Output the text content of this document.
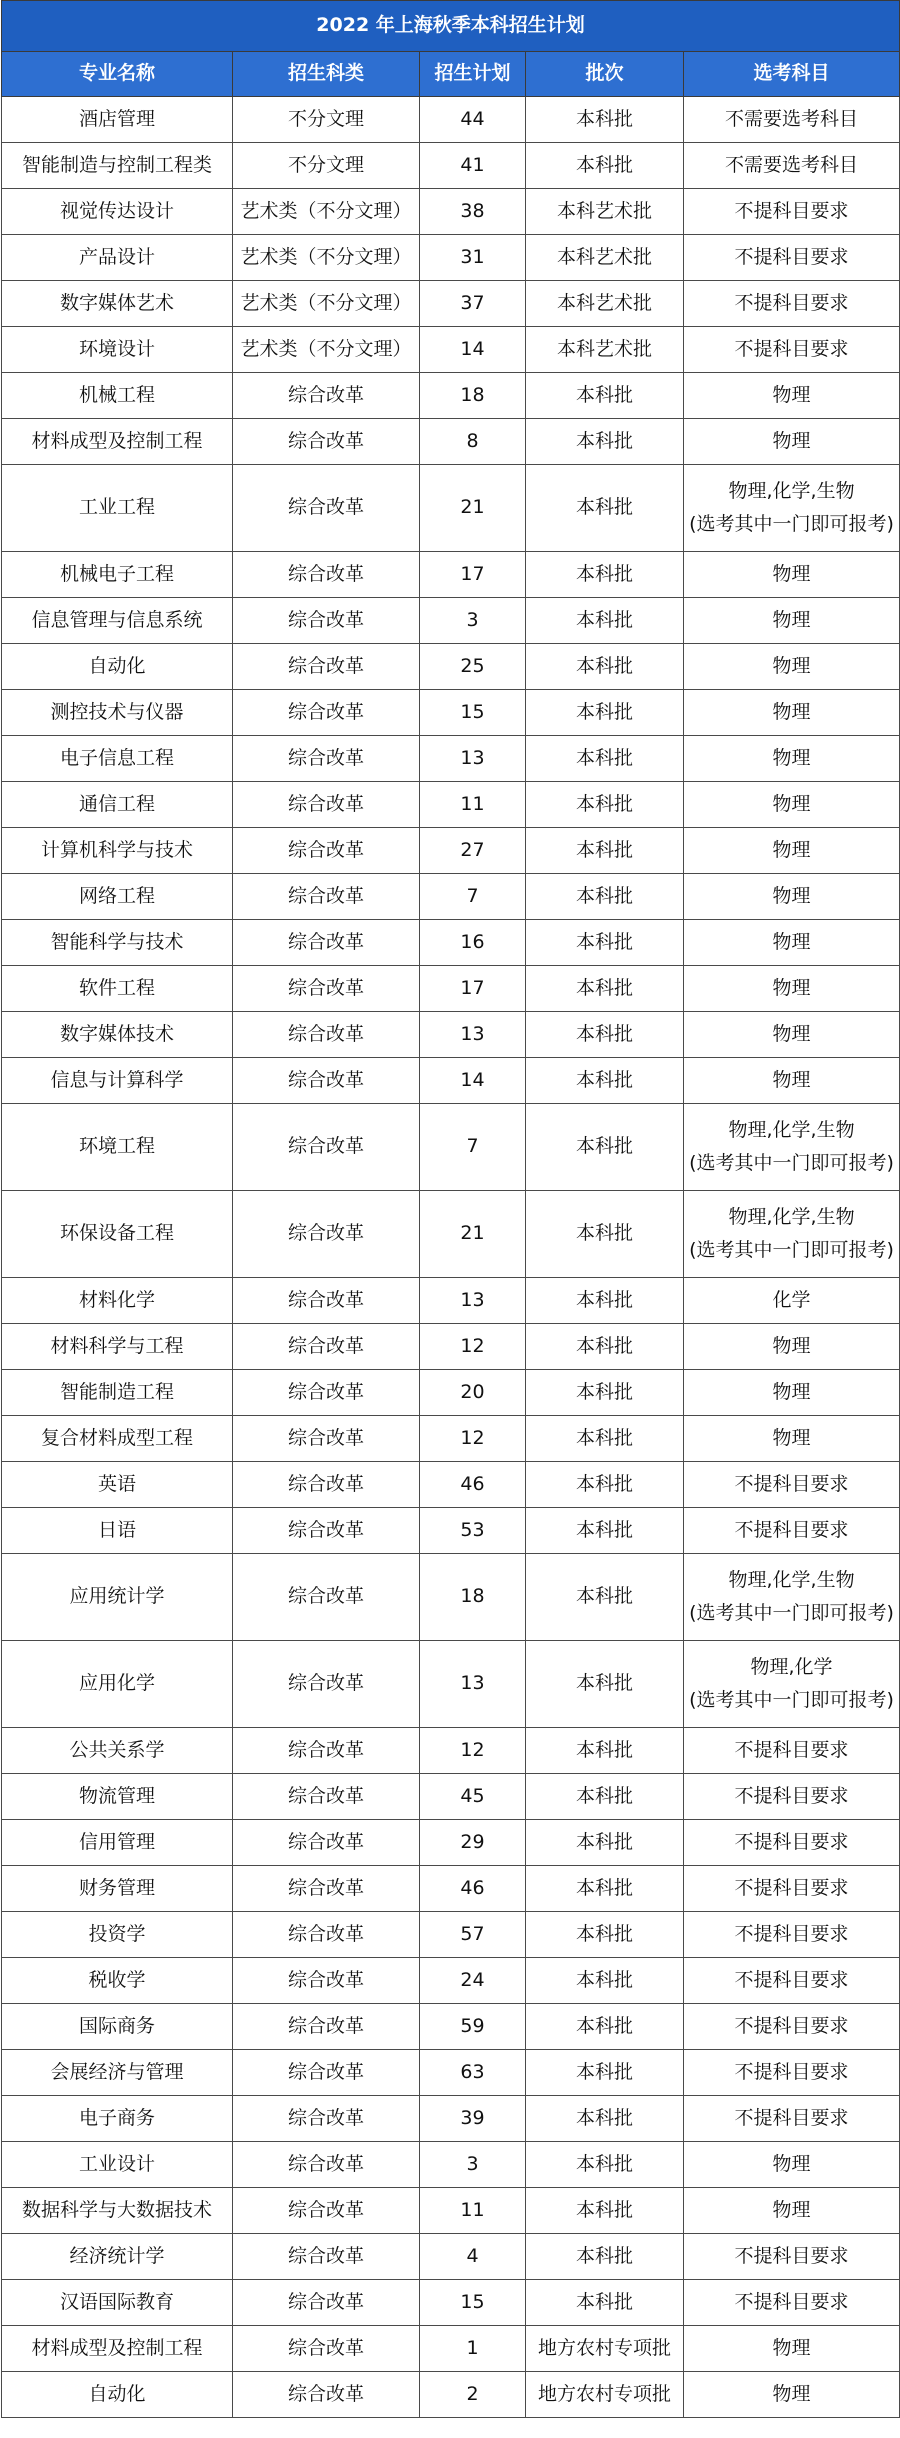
2022 年上海秋季本科招生计划				
专业名称	招生科类	招生计划	批次	选考科目
酒店管理	不分文理	44	本科批	不需要选考科目
智能制造与控制工程类	不分文理	41	本科批	不需要选考科目
视觉传达设计	艺术类（不分文理）	38	本科艺术批	不提科目要求
产品设计	艺术类（不分文理）	31	本科艺术批	不提科目要求
数字媒体艺术	艺术类（不分文理）	37	本科艺术批	不提科目要求
环境设计	艺术类（不分文理）	14	本科艺术批	不提科目要求
机械工程	综合改革	18	本科批	物理
材料成型及控制工程	综合改革	8	本科批	物理
工业工程	综合改革	21	本科批	物理,化学,生物
(选考其中一门即可报考)

机械电子工程	综合改革	17	本科批	物理
信息管理与信息系统	综合改革	3	本科批	物理
自动化	综合改革	25	本科批	物理
测控技术与仪器	综合改革	15	本科批	物理
电子信息工程	综合改革	13	本科批	物理
通信工程	综合改革	11	本科批	物理
计算机科学与技术	综合改革	27	本科批	物理
网络工程	综合改革	7	本科批	物理
智能科学与技术	综合改革	16	本科批	物理
软件工程	综合改革	17	本科批	物理
数字媒体技术	综合改革	13	本科批	物理
信息与计算科学	综合改革	14	本科批	物理
环境工程	综合改革	7	本科批	物理,化学,生物
(选考其中一门即可报考)

环保设备工程	综合改革	21	本科批	物理,化学,生物
(选考其中一门即可报考)

材料化学	综合改革	13	本科批	化学
材料科学与工程	综合改革	12	本科批	物理
智能制造工程	综合改革	20	本科批	物理
复合材料成型工程	综合改革	12	本科批	物理
英语	综合改革	46	本科批	不提科目要求
日语	综合改革	53	本科批	不提科目要求
应用统计学	综合改革	18	本科批	物理,化学,生物
(选考其中一门即可报考)

应用化学	综合改革	13	本科批	物理,化学
(选考其中一门即可报考)

公共关系学	综合改革	12	本科批	不提科目要求
物流管理	综合改革	45	本科批	不提科目要求
信用管理	综合改革	29	本科批	不提科目要求
财务管理	综合改革	46	本科批	不提科目要求
投资学	综合改革	57	本科批	不提科目要求
税收学	综合改革	24	本科批	不提科目要求
国际商务	综合改革	59	本科批	不提科目要求
会展经济与管理	综合改革	63	本科批	不提科目要求
电子商务	综合改革	39	本科批	不提科目要求
工业设计	综合改革	3	本科批	物理
数据科学与大数据技术	综合改革	11	本科批	物理
经济统计学	综合改革	4	本科批	不提科目要求
汉语国际教育	综合改革	15	本科批	不提科目要求
材料成型及控制工程	综合改革	1	地方农村专项批	物理
自动化	综合改革	2	地方农村专项批	物理
